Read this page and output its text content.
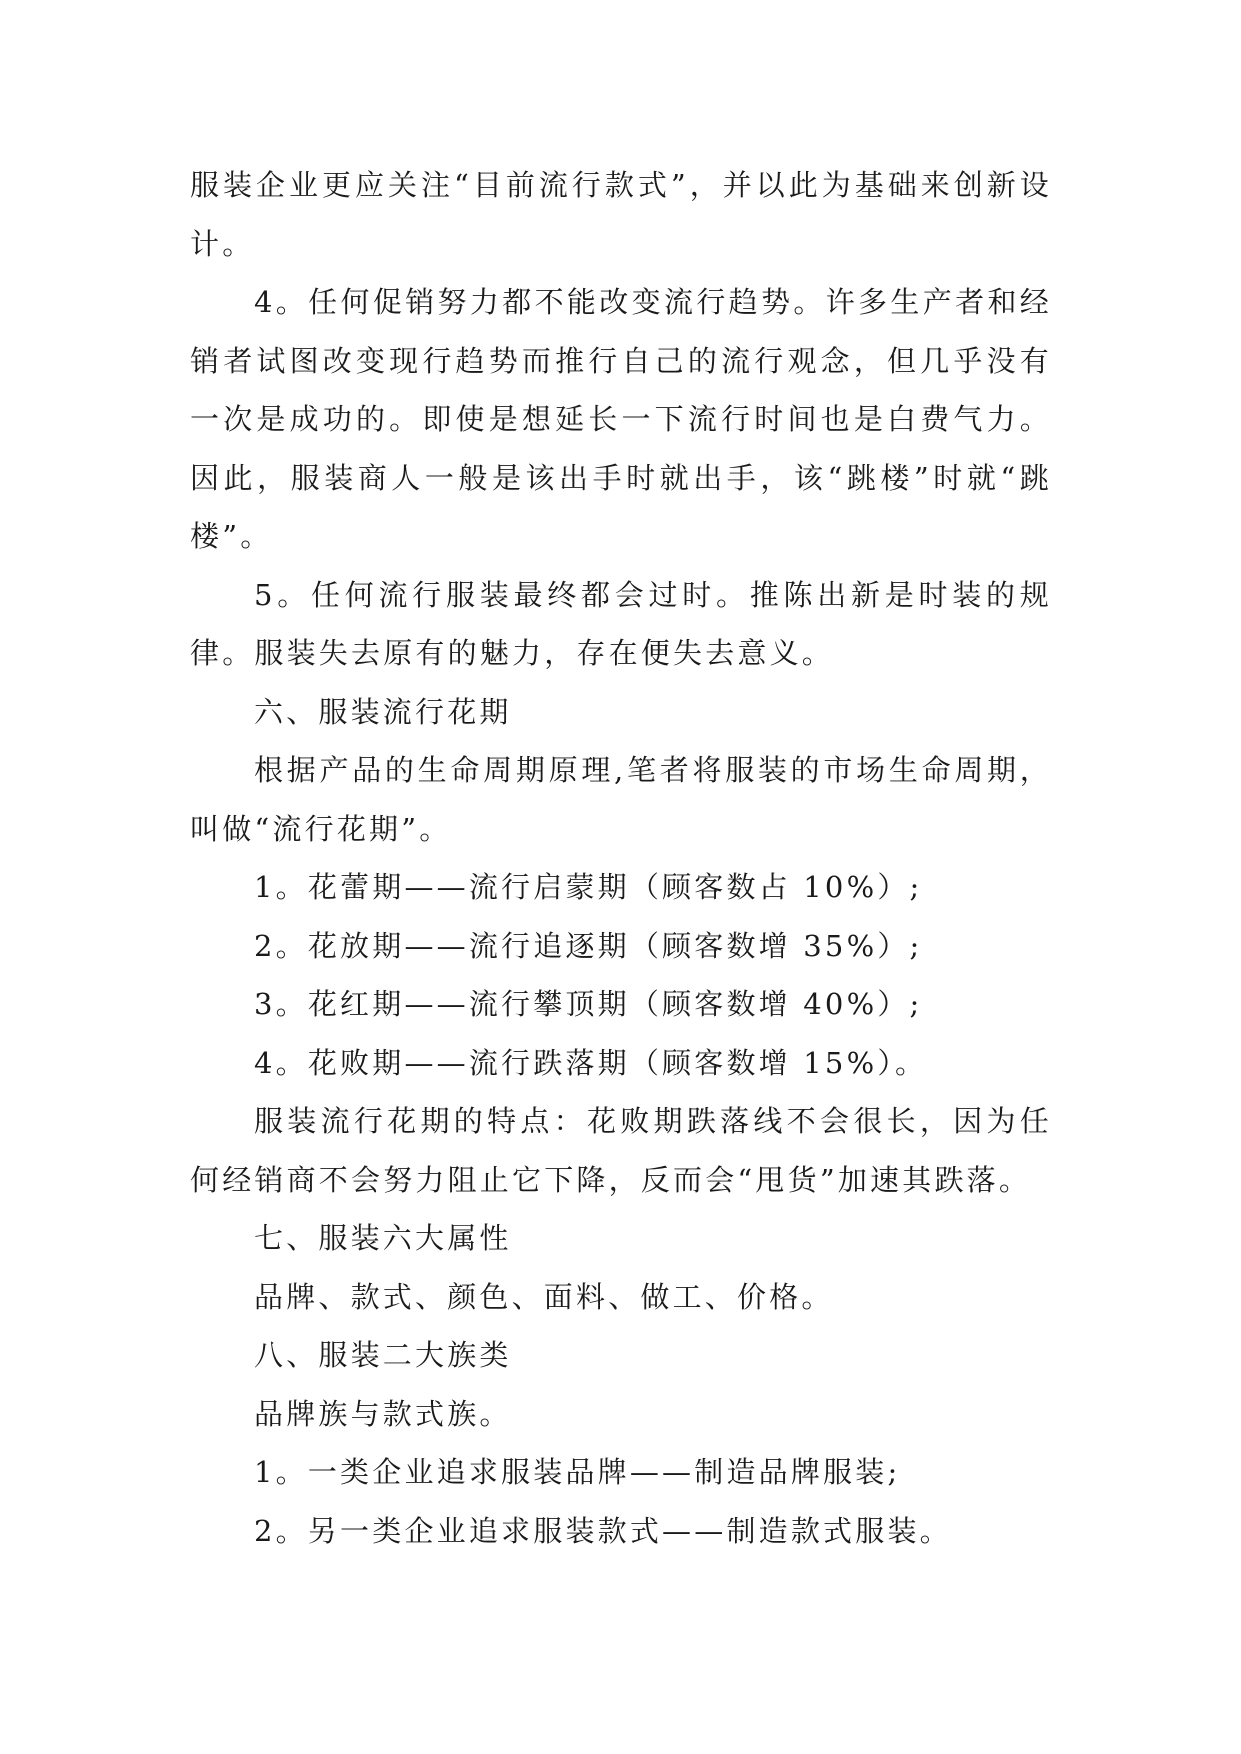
服装企业更应关注“目前流行款式”，并以此为基础来创新设计。

4。任何促销努力都不能改变流行趋势。许多生产者和经销者试图改变现行趋势而推行自己的流行观念，但几乎没有一次是成功的。即使是想延长一下流行时间也是白费气力。因此，服装商人一般是该出手时就出手，该“跳楼”时就“跳楼”。

5。任何流行服装最终都会过时。推陈出新是时装的规律。服装失去原有的魅力，存在便失去意义。

六、服装流行花期

根据产品的生命周期原理,笔者将服装的市场生命周期，叫做“流行花期”。

1。花蕾期——流行启蒙期（顾客数占 10%）;

2。花放期——流行追逐期（顾客数增 35%）;

3。花红期——流行攀顶期（顾客数增 40%）;

4。花败期——流行跌落期（顾客数增 15%）。

服装流行花期的特点：花败期跌落线不会很长，因为任何经销商不会努力阻止它下降，反而会“甩货”加速其跌落。

七、服装六大属性

品牌、款式、颜色、面料、做工、价格。

八、服装二大族类

品牌族与款式族。

1。一类企业追求服装品牌——制造品牌服装;

2。另一类企业追求服装款式——制造款式服装。
